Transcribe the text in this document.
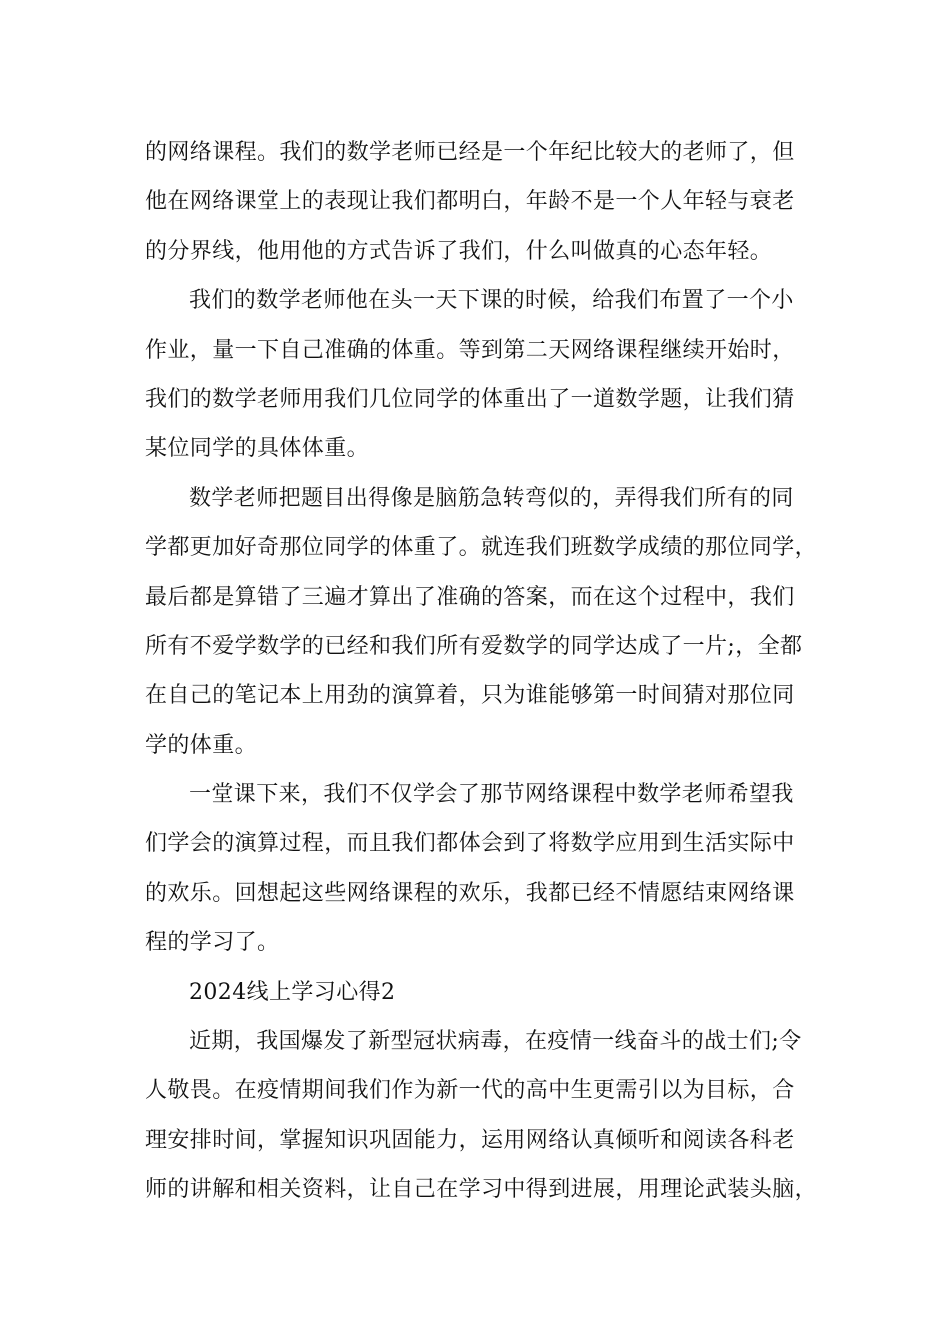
的网络课程。我们的数学老师已经是一个年纪比较大的老师了，但
他在网络课堂上的表现让我们都明白，年龄不是一个人年轻与衰老
的分界线，他用他的方式告诉了我们，什么叫做真的心态年轻。
我们的数学老师他在头一天下课的时候，给我们布置了一个小
作业，量一下自己准确的体重。等到第二天网络课程继续开始时，
我们的数学老师用我们几位同学的体重出了一道数学题，让我们猜
某位同学的具体体重。
数学老师把题目出得像是脑筋急转弯似的，弄得我们所有的同
学都更加好奇那位同学的体重了。就连我们班数学成绩的那位同学，
最后都是算错了三遍才算出了准确的答案，而在这个过程中，我们
所有不爱学数学的已经和我们所有爱数学的同学达成了一片;，全都
在自己的笔记本上用劲的演算着，只为谁能够第一时间猜对那位同
学的体重。
一堂课下来，我们不仅学会了那节网络课程中数学老师希望我
们学会的演算过程，而且我们都体会到了将数学应用到生活实际中
的欢乐。回想起这些网络课程的欢乐，我都已经不情愿结束网络课
程的学习了。
2024线上学习心得2
近期，我国爆发了新型冠状病毒，在疫情一线奋斗的战士们;令
人敬畏。在疫情期间我们作为新一代的高中生更需引以为目标，合
理安排时间，掌握知识巩固能力，运用网络认真倾听和阅读各科老
师的讲解和相关资料，让自己在学习中得到进展，用理论武装头脑，
